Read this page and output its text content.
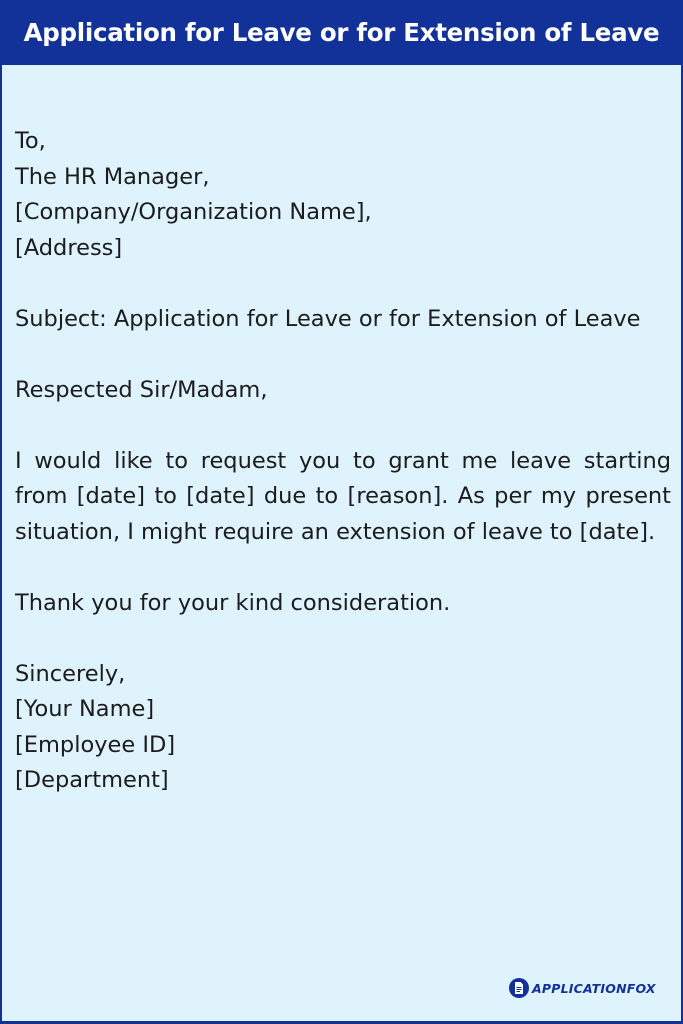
Application for Leave or for Extension of Leave
To,
The HR Manager,
[Company/Organization Name],
[Address]
Subject: Application for Leave or for Extension of Leave
Respected Sir/Madam,
I would like to request you to grant me leave starting from [date] to [date] due to [reason]. As per my present situation, I might require an extension of leave to [date].
Thank you for your kind consideration.
Sincerely,
[Your Name]
[Employee ID]
[Department]
APPLICATIONFOX
